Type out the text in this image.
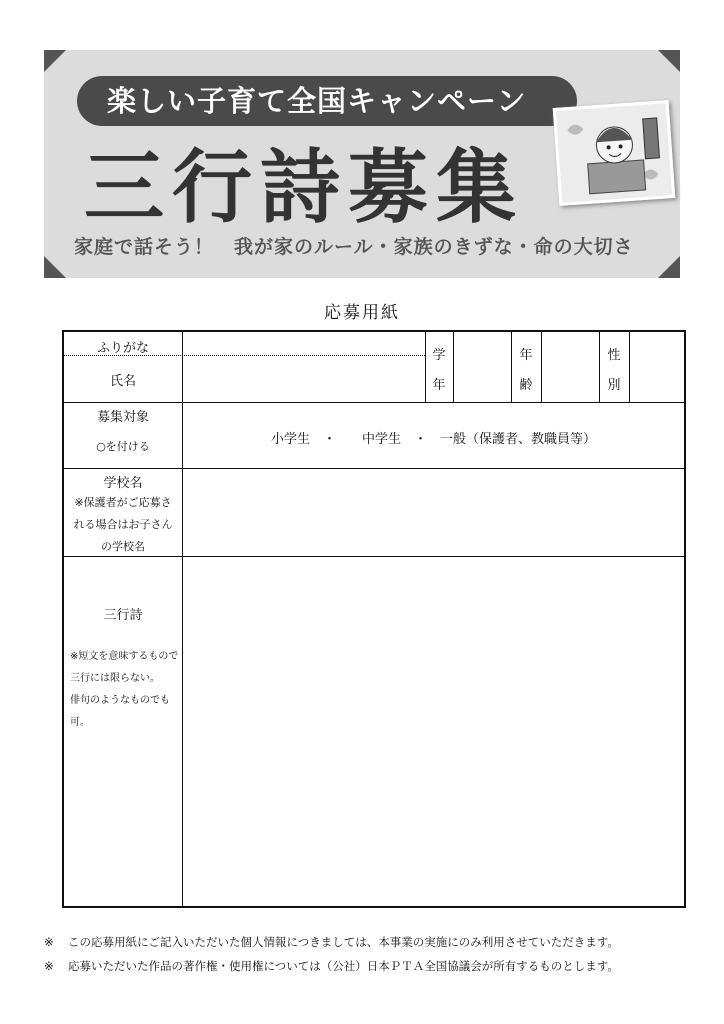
楽しい子育て全国キャンペーン
三行詩募集
家庭で話そう！　我が家のルール・家族のきずな・命の大切さ
応募用紙
ふりがな
氏名
学
年
年
齢
性
別
募集対象
○を付ける	小学生　・　　中学生　・　一般（保護者、教職員等）
学校名
※保護者がご応募さ
れる場合はお子さん
の学校名
三行詩
※短文を意味するもので
三行には限らない。
俳句のようなものでも
可。
※ この応募用紙にご記入いただいた個人情報につきましては、本事業の実施にのみ利用させていただきます。
※ 応募いただいた作品の著作権・使用権については（公社）日本ＰＴＡ全国協議会が所有するものとします。
